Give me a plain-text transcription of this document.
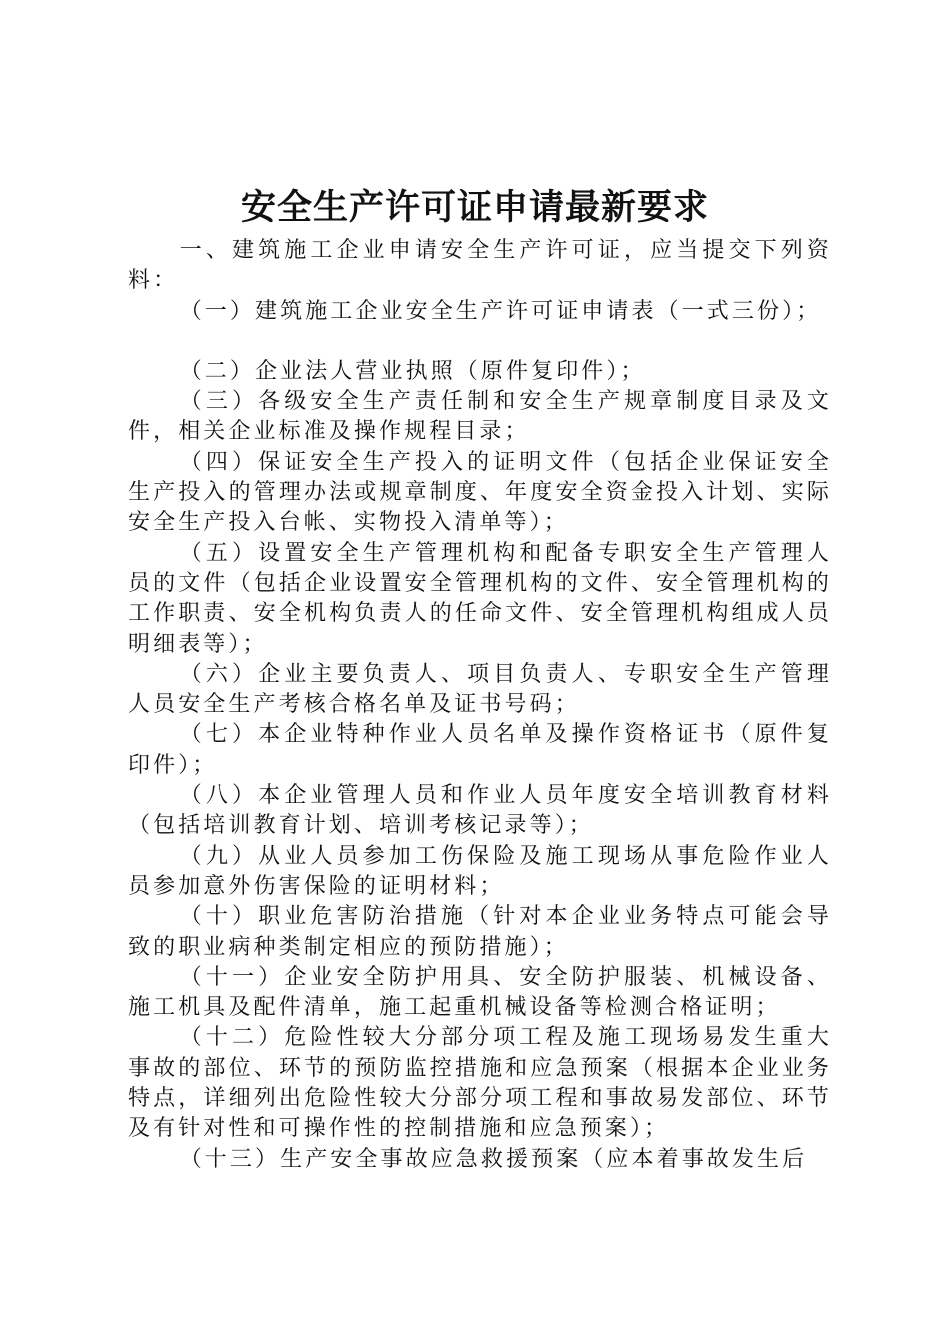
安全生产许可证申请最新要求

一、建筑施工企业申请安全生产许可证，应当提交下列资料：

（一）建筑施工企业安全生产许可证申请表（一式三份）；

（二）企业法人营业执照（原件复印件）；

（三）各级安全生产责任制和安全生产规章制度目录及文件，相关企业标准及操作规程目录；

（四）保证安全生产投入的证明文件（包括企业保证安全生产投入的管理办法或规章制度、年度安全资金投入计划、实际安全生产投入台帐、实物投入清单等）；

（五）设置安全生产管理机构和配备专职安全生产管理人员的文件（包括企业设置安全管理机构的文件、安全管理机构的工作职责、安全机构负责人的任命文件、安全管理机构组成人员明细表等）；

（六）企业主要负责人、项目负责人、专职安全生产管理人员安全生产考核合格名单及证书号码；

（七）本企业特种作业人员名单及操作资格证书（原件复印件）；

（八）本企业管理人员和作业人员年度安全培训教育材料（包括培训教育计划、培训考核记录等）；

（九）从业人员参加工伤保险及施工现场从事危险作业人员参加意外伤害保险的证明材料；

（十）职业危害防治措施（针对本企业业务特点可能会导致的职业病种类制定相应的预防措施）；

（十一）企业安全防护用具、安全防护服装、机械设备、施工机具及配件清单，施工起重机械设备等检测合格证明；

（十二）危险性较大分部分项工程及施工现场易发生重大事故的部位、环节的预防监控措施和应急预案（根据本企业业务特点，详细列出危险性较大分部分项工程和事故易发部位、环节及有针对性和可操作性的控制措施和应急预案）；

（十三）生产安全事故应急救援预案（应本着事故发生后
